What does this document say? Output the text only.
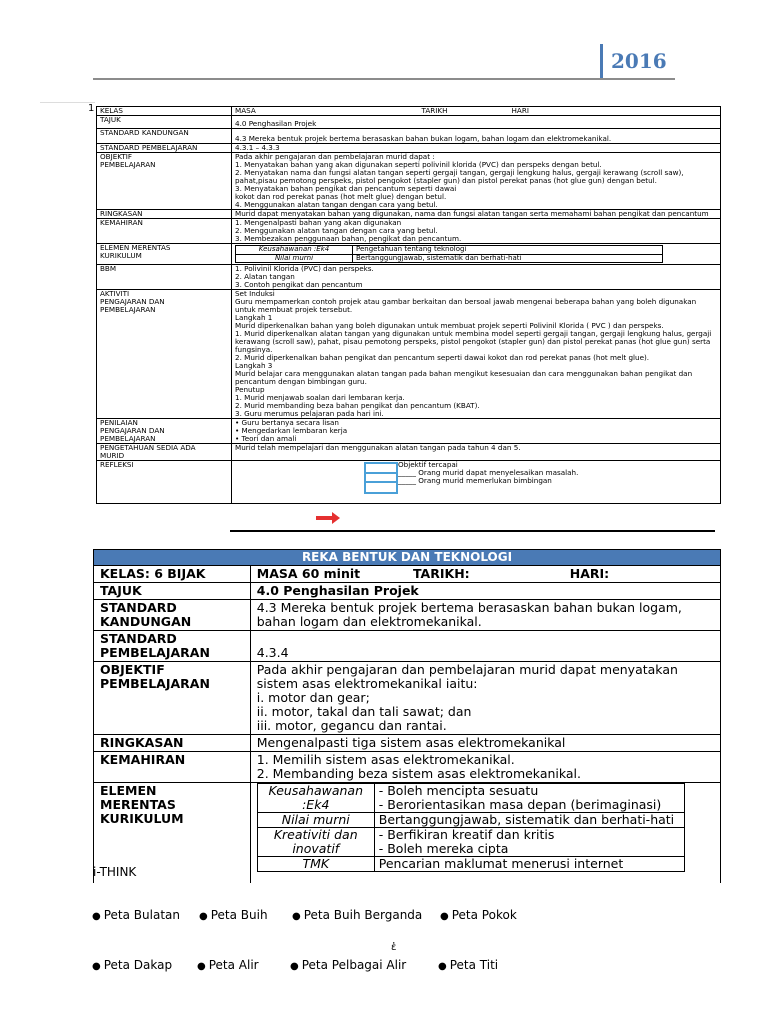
2016
1 KELAS	MASA	TARIKH	HARI

TAJUK	4.0 Penghasilan Projek
STANDARD KANDUNGAN	4.3 Mereka bentuk projek bertema berasaskan bahan bukan logam, bahan logam dan elektromekanikal.
STANDARD PEMBELAJARAN	4.3.1 – 4.3.3
OBJEKTIF
PEMBELAJARAN	Pada akhir pengajaran dan pembelajaran murid dapat :
1. Menyatakan bahan yang akan digunakan seperti polivinil klorida (PVC) dan perspeks dengan betul.
2. Menyatakan nama dan fungsi alatan tangan seperti gergaji tangan, gergaji lengkung halus, gergaji kerawang (scroll saw), pahat,pisau pemotong perspeks, pistol pengokot (stapler gun) dan pistol perekat panas (hot glue gun) dengan betul.
3. Menyatakan bahan pengikat dan pencantum seperti dawai
kokot dan rod perekat panas (hot melt glue) dengan betul.
4. Menggunakan alatan tangan dengan cara yang betul.
RINGKASAN	Murid dapat menyatakan bahan yang digunakan, nama dan fungsi alatan tangan serta memahami bahan pengikat dan pencantum
KEMAHIRAN	1. Mengenalpasti bahan yang akan digunakan
2. Menggunakan alatan tangan dengan cara yang betul.
3. Membezakan penggunaan bahan, pengikat dan pencantum.
ELEMEN MERENTAS
KURIKULUM	
Keusahawanan :Ek4	Pengetahuan tentang teknologi
Nilai murni	Bertanggungjawab, sistematik dan berhati-hati

BBM	1. Polivinil Klorida (PVC) dan perspeks.
2. Alatan tangan
3. Contoh pengikat dan pencantum
AKTIVITI
PENGAJARAN DAN
PEMBELAJARAN	Set Induksi
Guru mempamerkan contoh projek atau gambar berkaitan dan bersoal jawab mengenai beberapa bahan yang boleh digunakan untuk membuat projek tersebut.
Langkah 1
Murid diperkenalkan bahan yang boleh digunakan untuk membuat projek seperti Polivinil Klorida ( PVC ) dan perspeks.
1. Murid diperkenalkan alatan tangan yang digunakan untuk membina model seperti gergaji tangan, gergaji lengkung halus, gergaji kerawang (scroll saw), pahat, pisau pemotong perspeks, pistol pengokot (stapler gun) dan pistol perekat panas (hot glue gun) serta fungsinya.
2. Murid diperkenalkan bahan pengikat dan pencantum seperti dawai kokot dan rod perekat panas (hot melt glue).
Langkah 3
Murid belajar cara menggunakan alatan tangan pada bahan mengikut kesesuaian dan cara menggunakan bahan pengikat dan pencantum dengan bimbingan guru.
Penutup
1. Murid menjawab soalan dari lembaran kerja.
2. Murid membanding beza bahan pengikat dan pencantum (KBAT).
3. Guru merumus pelajaran pada hari ini.
PENILAIAN
PENGAJARAN DAN
PEMBELAJARAN	• Guru bertanya secara lisan
• Mengedarkan lembaran kerja
• Teori dan amali
PENGETAHUAN SEDIA ADA
MURID	Murid telah mempelajari dan menggunakan alatan tangan pada tahun 4 dan 5.
REFLEKSI	Objektif tercapai
_____ Orang murid dapat menyelesaikan masalah.
_____ Orang murid memerlukan bimbingan
REKA BENTUK DAN TEKNOLOGI
KELAS: 6 BIJAK	MASA 60 minit	TARIKH:	HARI:
TAJUK	4.0 Penghasilan Projek
STANDARD
KANDUNGAN	4.3 Mereka bentuk projek bertema berasaskan bahan bukan logam, bahan logam dan elektromekanikal.
STANDARD
PEMBELAJARAN	4.3.4
OBJEKTIF
PEMBELAJARAN	Pada akhir pengajaran dan pembelajaran murid dapat menyatakan sistem asas elektromekanikal iaitu:
i. motor dan gear;
ii. motor, takal dan tali sawat; dan
iii. motor, gegancu dan rantai.
RINGKASAN	Mengenalpasti tiga sistem asas elektromekanikal
KEMAHIRAN	1. Memilih sistem asas elektromekanikal.
2. Membanding beza sistem asas elektromekanikal.
ELEMEN
MERENTAS
KURIKULUM	
Keusahawanan
:Ek4	- Boleh mencipta sesuatu
- Berorientasikan masa depan (berimaginasi)
Nilai murni	Bertanggungjawab, sistematik dan berhati-hati
Kreativiti dan
inovatif	- Berfikiran kreatif dan kritis
- Boleh mereka cipta
TMK	Pencarian maklumat menerusi internet
i-THINK
● Peta Bulatan ● Peta Buih ● Peta Buih Berganda ● Peta Pokok
ἑ
● Peta Dakap ● Peta Alir	● Peta Pelbagai Alir	● Peta Titi
